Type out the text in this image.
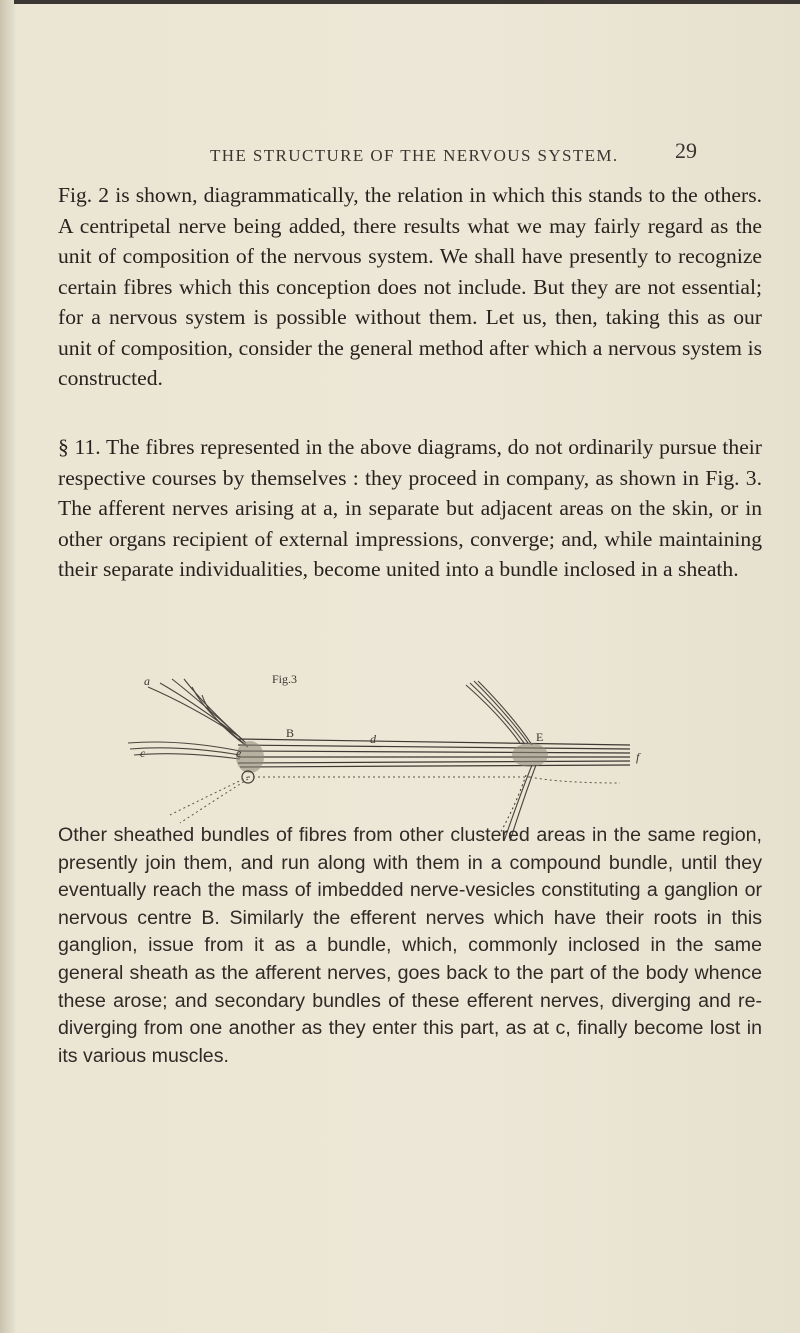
THE STRUCTURE OF THE NERVOUS SYSTEM.	29

Fig. 2 is shown, diagrammatically, the relation in which this stands to the others. A centripetal nerve being added, there results what we may fairly regard as the unit of composition of the nervous system. We shall have presently to recognize certain fibres which this conception does not include. But they are not essential; for a nervous system is possible without them. Let us, then, taking this as our unit of composition, consider the general method after which a nervous system is constructed.

§ 11. The fibres represented in the above diagrams, do not ordinarily pursue their respective courses by themselves : they proceed in company, as shown in Fig. 3. The afferent nerves arising at a, in separate but adjacent areas on the skin, or in other organs recipient of external impressions, converge; and, while maintaining their separate individualities, become united into a bundle inclosed in a sheath.

Fig.3
a
c
B	d
e
E
f

Other sheathed bundles of fibres from other clustered areas in the same region, presently join them, and run along with them in a compound bundle, until they eventually reach the mass of imbedded nerve-vesicles constituting a ganglion or nervous centre B. Similarly the efferent nerves which have their roots in this ganglion, issue from it as a bundle, which, commonly inclosed in the same general sheath as the afferent nerves, goes back to the part of the body whence these arose; and secondary bundles of these efferent nerves, diverging and re-diverging from one another as they enter this part, as at c, finally become lost in its various muscles.
